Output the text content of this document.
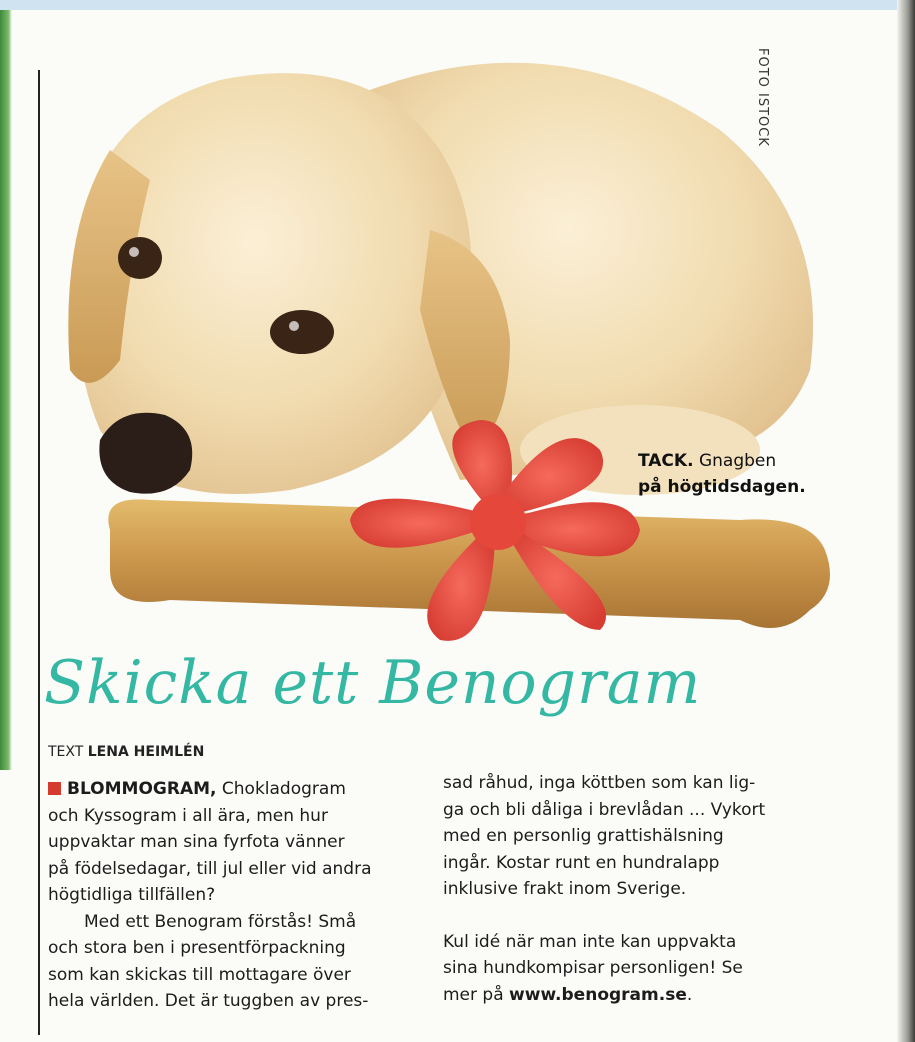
FOTO ISTOCK
TACK. Gnagben
på högtidsdagen.
Skicka ett Benogram
TEXT LENA HEIMLÉN

BLOMMOGRAM, Chokladogram
och Kyssogram i all ära, men hur
uppvaktar man sina fyrfota vänner
på födelsedagar, till jul eller vid andra
högtidliga tillfällen?

Med ett Benogram förstås! Små
och stora ben i presentförpackning
som kan skickas till mottagare över
hela världen. Det är tuggben av pres-

sad råhud, inga köttben som kan lig-
ga och bli dåliga i brevlådan ... Vykort
med en personlig grattishälsning
ingår. Kostar runt en hundralapp
inklusive frakt inom Sverige.

Kul idé när man inte kan uppvakta
sina hundkompisar personligen! Se
mer på www.benogram.se.
